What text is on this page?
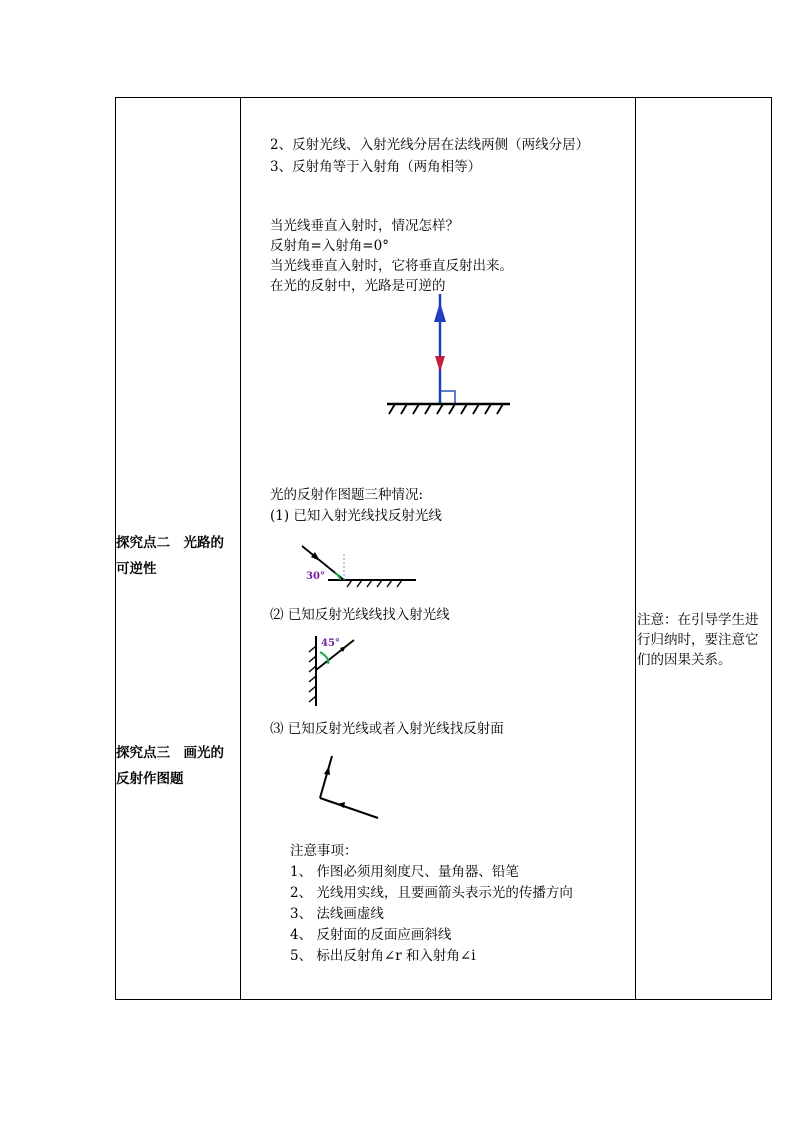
探究点二　光路的
可逆性
探究点三　画光的
反射作图题
2、反射光线、入射光线分居在法线两侧（两线分居）
3、反射角等于入射角（两角相等）
当光线垂直入射时，情况怎样？
反射角=入射角=0°
当光线垂直入射时，它将垂直反射出来。
在光的反射中，光路是可逆的
光的反射作图题三种情况:
(1) 已知入射光线找反射光线
30°
⑵ 已知反射光线线找入射光线
45°
⑶ 已知反射光线或者入射光线找反射面
注意事项：
1、 作图必须用刻度尺、量角器、铅笔
2、 光线用实线，且要画箭头表示光的传播方向
3、 法线画虚线
4、 反射面的反面应画斜线
5、 标出反射角∠r 和入射角∠i
注意：在引导学生进行归纳时，要注意它们的因果关系。
